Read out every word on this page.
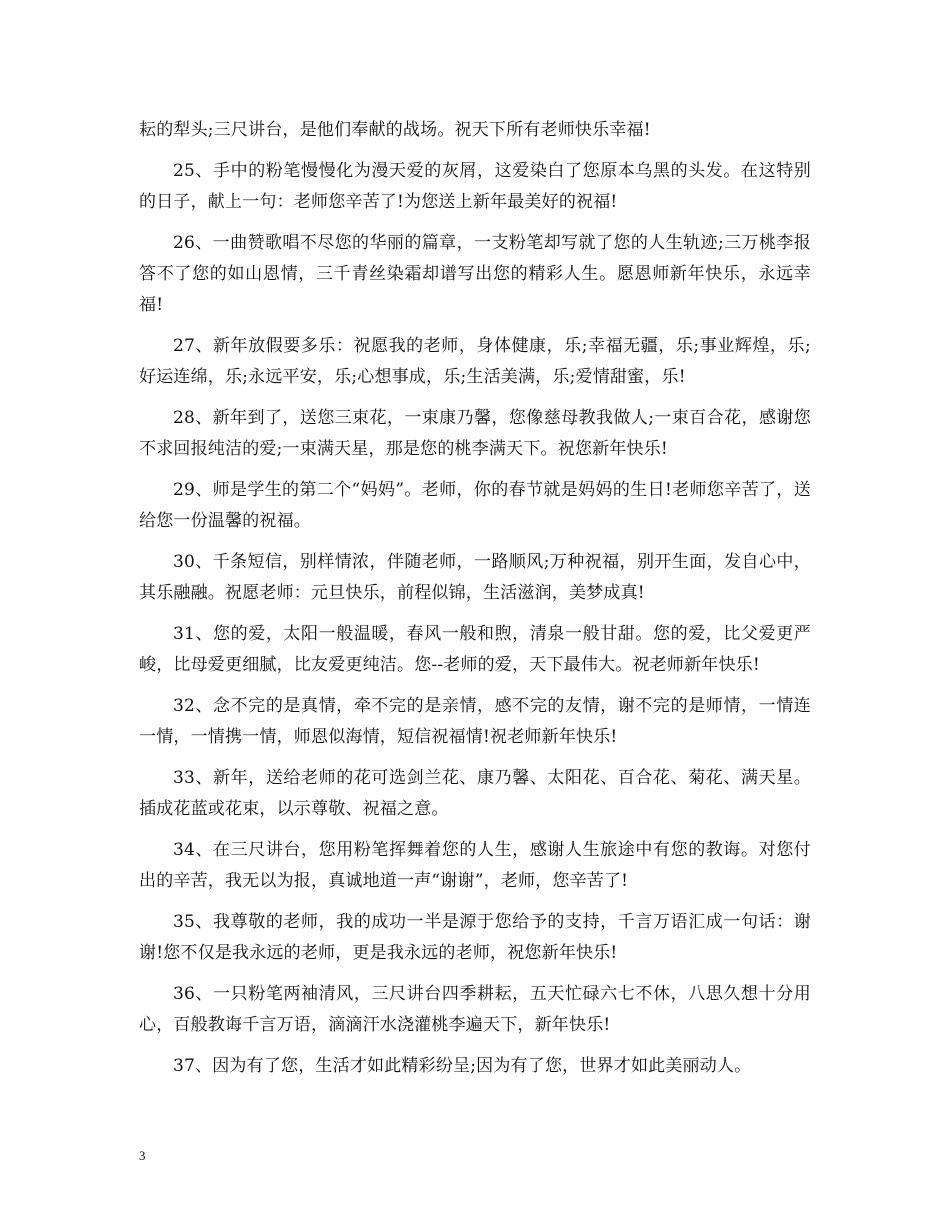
耘的犁头;三尺讲台，是他们奉献的战场。祝天下所有老师快乐幸福!

25、手中的粉笔慢慢化为漫天爱的灰屑，这爱染白了您原本乌黑的头发。在这特别的日子，献上一句：老师您辛苦了!为您送上新年最美好的祝福!

26、一曲赞歌唱不尽您的华丽的篇章，一支粉笔却写就了您的人生轨迹;三万桃李报答不了您的如山恩情，三千青丝染霜却谱写出您的精彩人生。愿恩师新年快乐，永远幸福!

27、新年放假要多乐：祝愿我的老师，身体健康，乐;幸福无疆，乐;事业辉煌，乐;好运连绵，乐;永远平安，乐;心想事成，乐;生活美满，乐;爱情甜蜜，乐!

28、新年到了，送您三束花，一束康乃馨，您像慈母教我做人;一束百合花，感谢您不求回报纯洁的爱;一束满天星，那是您的桃李满天下。祝您新年快乐!

29、师是学生的第二个“妈妈”。老师，你的春节就是妈妈的生日!老师您辛苦了，送给您一份温馨的祝福。

30、千条短信，别样情浓，伴随老师，一路顺风;万种祝福，别开生面，发自心中，其乐融融。祝愿老师：元旦快乐，前程似锦，生活滋润，美梦成真!

31、您的爱，太阳一般温暖，春风一般和煦，清泉一般甘甜。您的爱，比父爱更严峻，比母爱更细腻，比友爱更纯洁。您--老师的爱，天下最伟大。祝老师新年快乐!

32、念不完的是真情，牵不完的是亲情，感不完的友情，谢不完的是师情，一情连一情，一情携一情，师恩似海情，短信祝福情!祝老师新年快乐!

33、新年，送给老师的花可选剑兰花、康乃馨、太阳花、百合花、菊花、满天星。插成花蓝或花束，以示尊敬、祝福之意。

34、在三尺讲台，您用粉笔挥舞着您的人生，感谢人生旅途中有您的教诲。对您付出的辛苦，我无以为报，真诚地道一声“谢谢”，老师，您辛苦了!

35、我尊敬的老师，我的成功一半是源于您给予的支持，千言万语汇成一句话：谢谢!您不仅是我永远的老师，更是我永远的老师，祝您新年快乐!

36、一只粉笔两袖清风，三尺讲台四季耕耘，五天忙碌六七不休，八思久想十分用心，百般教诲千言万语，滴滴汗水浇灌桃李遍天下，新年快乐!

37、因为有了您，生活才如此精彩纷呈;因为有了您，世界才如此美丽动人。

3
